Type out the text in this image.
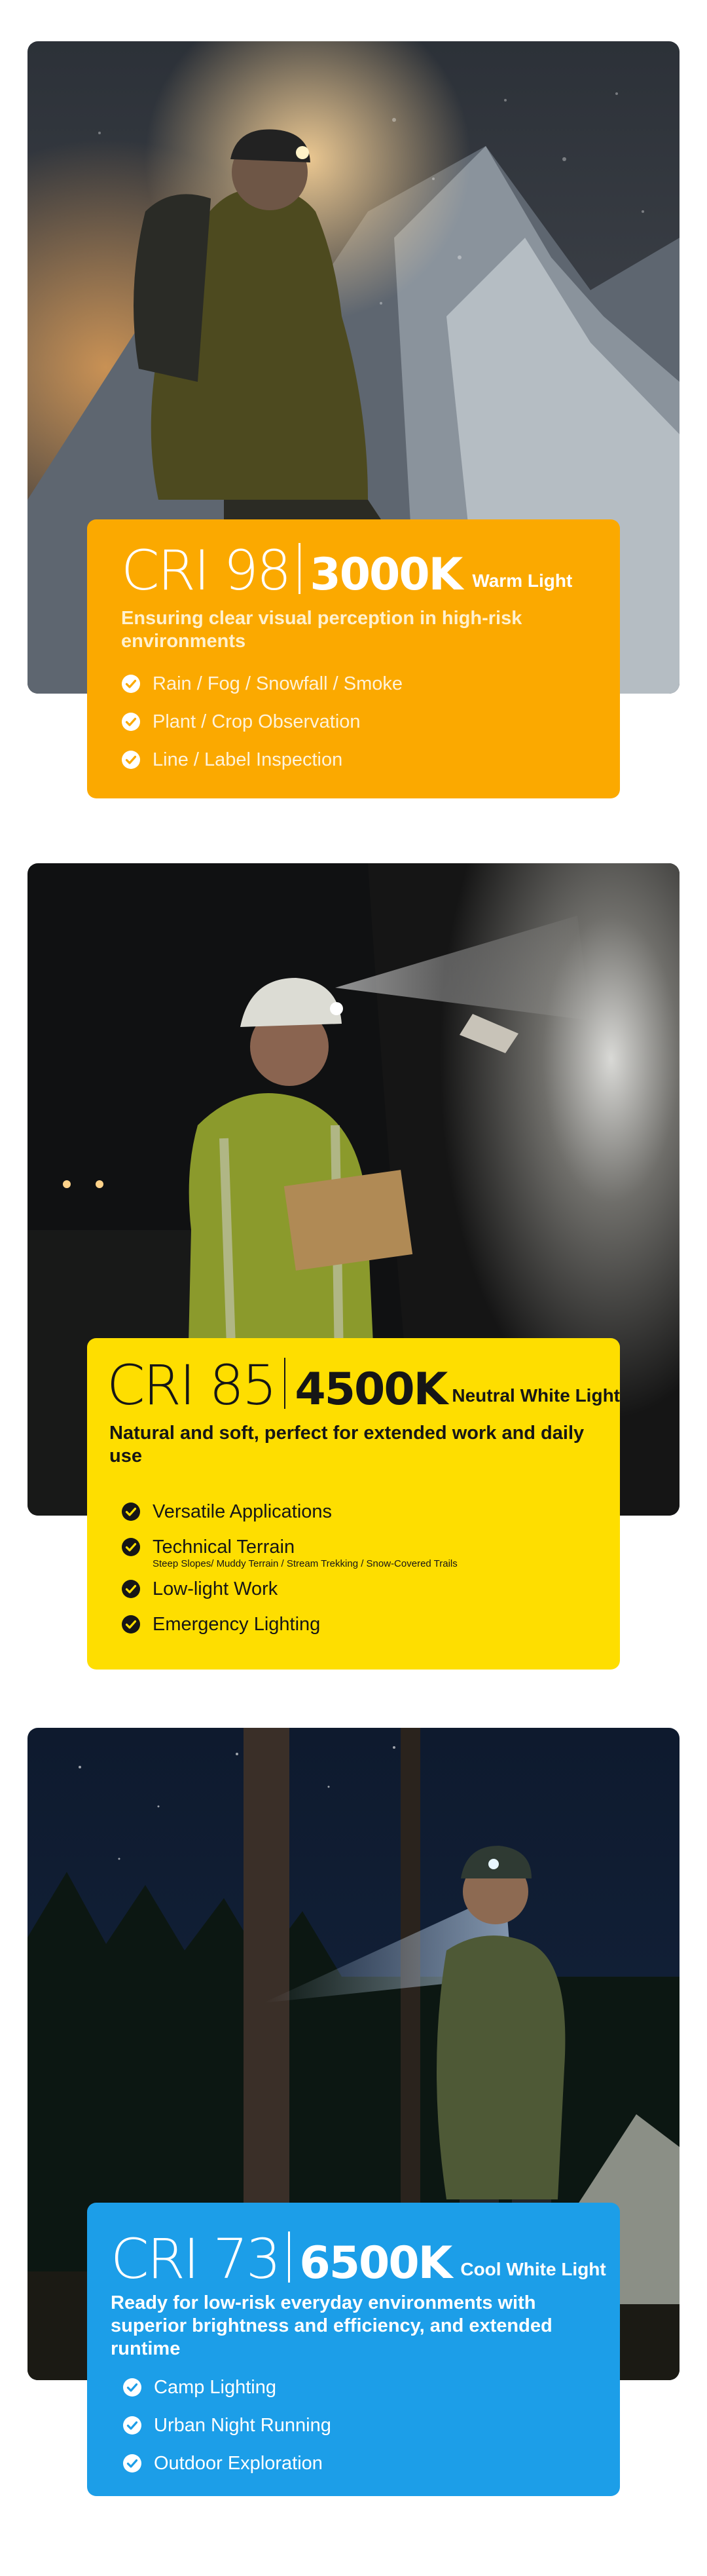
CRI 98 3000K Warm Light
Ensuring clear visual perception in high-risk environments
Rain / Fog / Snowfall / Smoke
Plant / Crop Observation
Line / Label Inspection
CRI 85 4500K Neutral White Light
Natural and soft, perfect for extended work and daily use
Versatile Applications
Technical Terrain
Steep Slopes/ Muddy Terrain / Stream Trekking / Snow-Covered Trails
Low-light Work
Emergency Lighting
CRI 73 6500K Cool White Light
Ready for low-risk everyday environments with superior brightness and efficiency, and extended runtime
Camp Lighting
Urban Night Running
Outdoor Exploration
